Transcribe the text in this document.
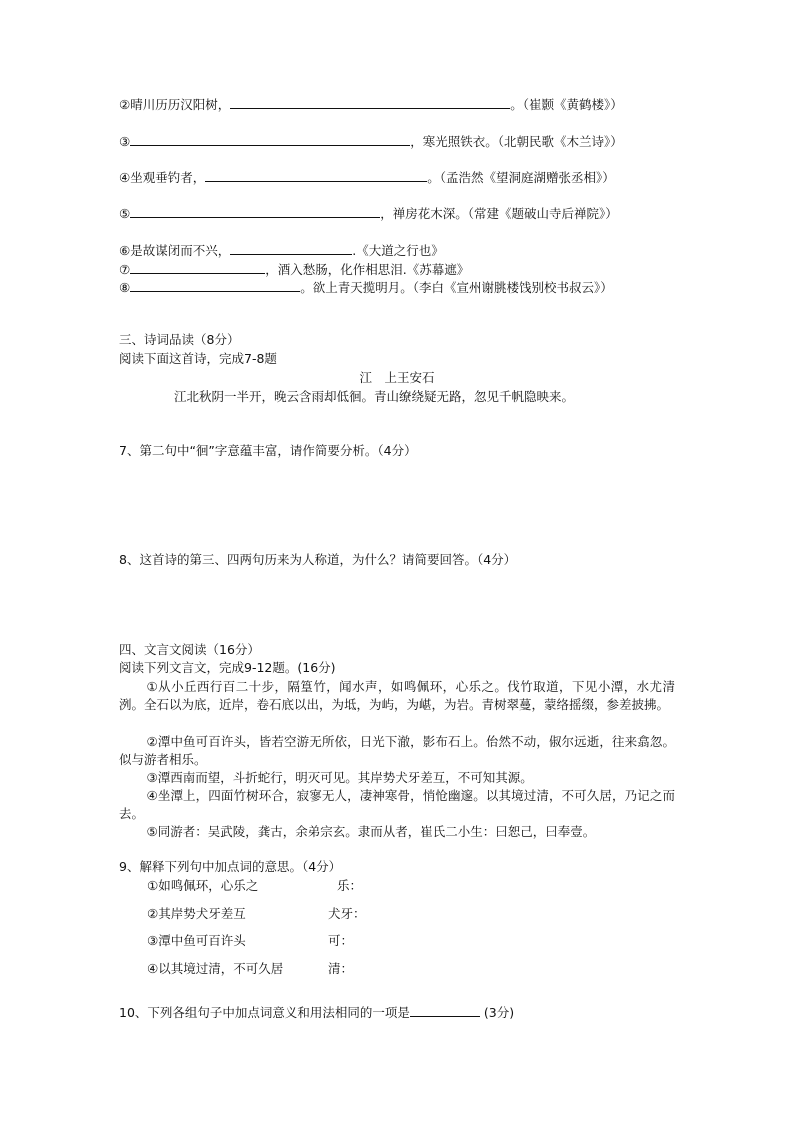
②晴川历历汉阳树，	。（崔颢《黄鹤楼》）
③	，寒光照铁衣。（北朝民歌《木兰诗》）
④坐观垂钓者，	。（孟浩然《望洞庭湖赠张丞相》）
⑤	，禅房花木深。（常建《题破山寺后禅院》）
⑥是故谋闭而不兴，	.《大道之行也》
⑦	，酒入愁肠，化作相思泪.《苏幕遮》
⑧	。欲上青天揽明月。（李白《宣州谢朓楼饯别校书叔云》）
三、诗词品读（8分）
阅读下面这首诗，完成7-8题
江　上王安石
江北秋阴一半开，晚云含雨却低徊。青山缭绕疑无路，忽见千帆隐映来。
7、第二句中“徊”字意蕴丰富，请作简要分析。（4分）
8、这首诗的第三、四两句历来为人称道，为什么？请简要回答。（4分）
四、文言文阅读（16分）
阅读下列文言文，完成9-12题。(16分)
①从小丘西行百二十步，隔篁竹，闻水声，如鸣佩环，心乐之。伐竹取道，下见小潭，水尤清洌。全石以为底，近岸，卷石底以出，为坻，为屿，为嵁，为岩。青树翠蔓，蒙络摇缀，参差披拂。
②潭中鱼可百许头，皆若空游无所依，日光下澈，影布石上。佁然不动，俶尔远逝，往来翕忽。似与游者相乐。
③潭西南而望，斗折蛇行，明灭可见。其岸势犬牙差互，不可知其源。
④坐潭上，四面竹树环合，寂寥无人，凄神寒骨，悄怆幽邃。以其境过清，不可久居，乃记之而去。
⑤同游者：吴武陵，龚古，余弟宗玄。隶而从者，崔氏二小生：曰恕己，曰奉壹。
9、解释下列句中加点词的意思。（4分）
①如鸣佩环，心乐之	乐：
②其岸势犬牙差互	犬牙：
③潭中鱼可百许头	可：
④以其境过清，不可久居	清：
10、下列各组句子中加点词意义和用法相同的一项是	(3分)
